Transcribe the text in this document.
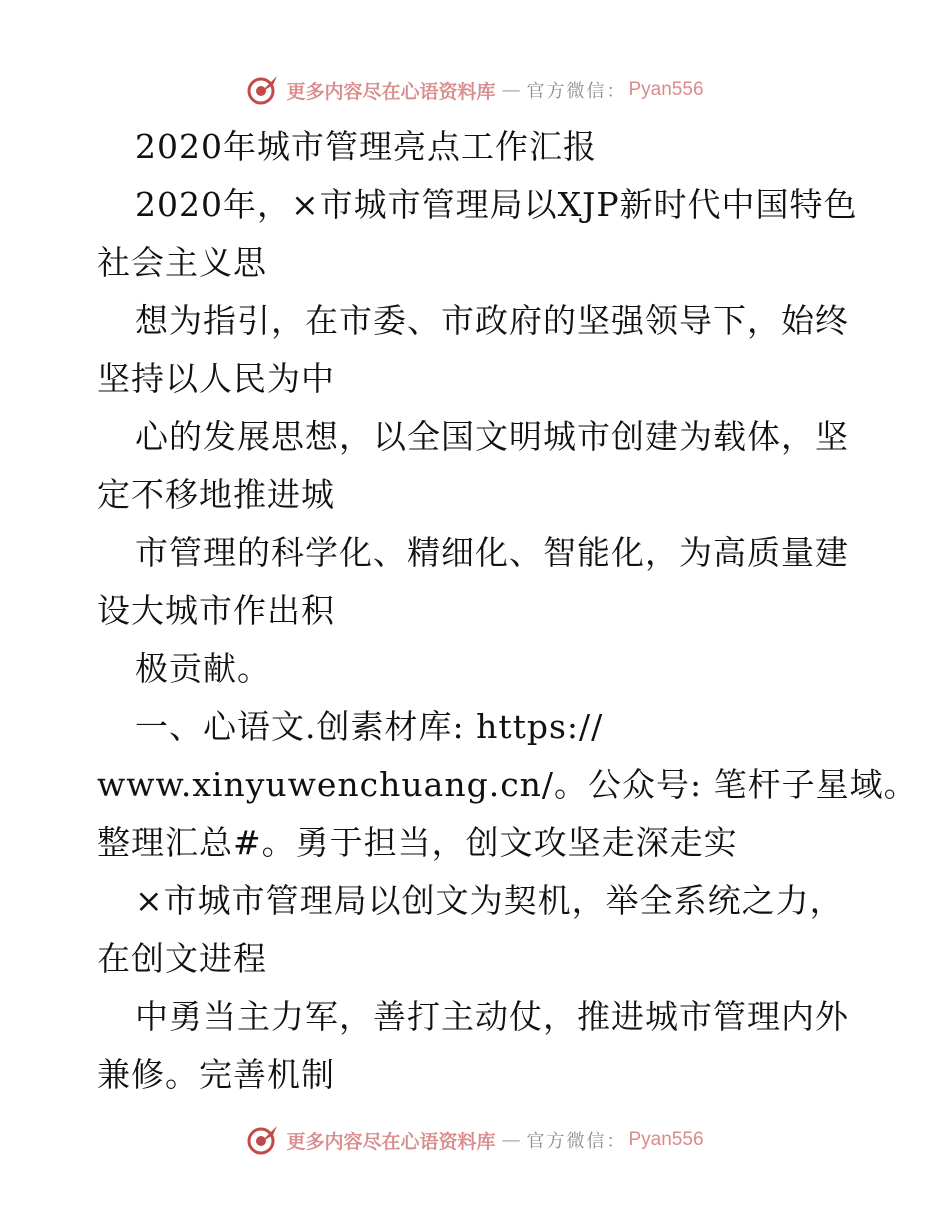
更多内容尽在心语资料库 — 官方微信： Pyan556
2020年城市管理亮点工作汇报
2020年，×市城市管理局以XJP新时代中国特色
社会主义思
想为指引，在市委、市政府的坚强领导下，始终
坚持以人民为中
心的发展思想，以全国文明城市创建为载体，坚
定不移地推进城
市管理的科学化、精细化、智能化，为高质量建
设大城市作出积
极贡献。
一、心语文.创素材库: https://
www.xinyuwenchuang.cn/。公众号: 笔杆子星域。
整理汇总#。勇于担当，创文攻坚走深走实
×市城市管理局以创文为契机，举全系统之力，
在创文进程
中勇当主力军，善打主动仗，推进城市管理内外
兼修。完善机制
更多内容尽在心语资料库 — 官方微信： Pyan556
